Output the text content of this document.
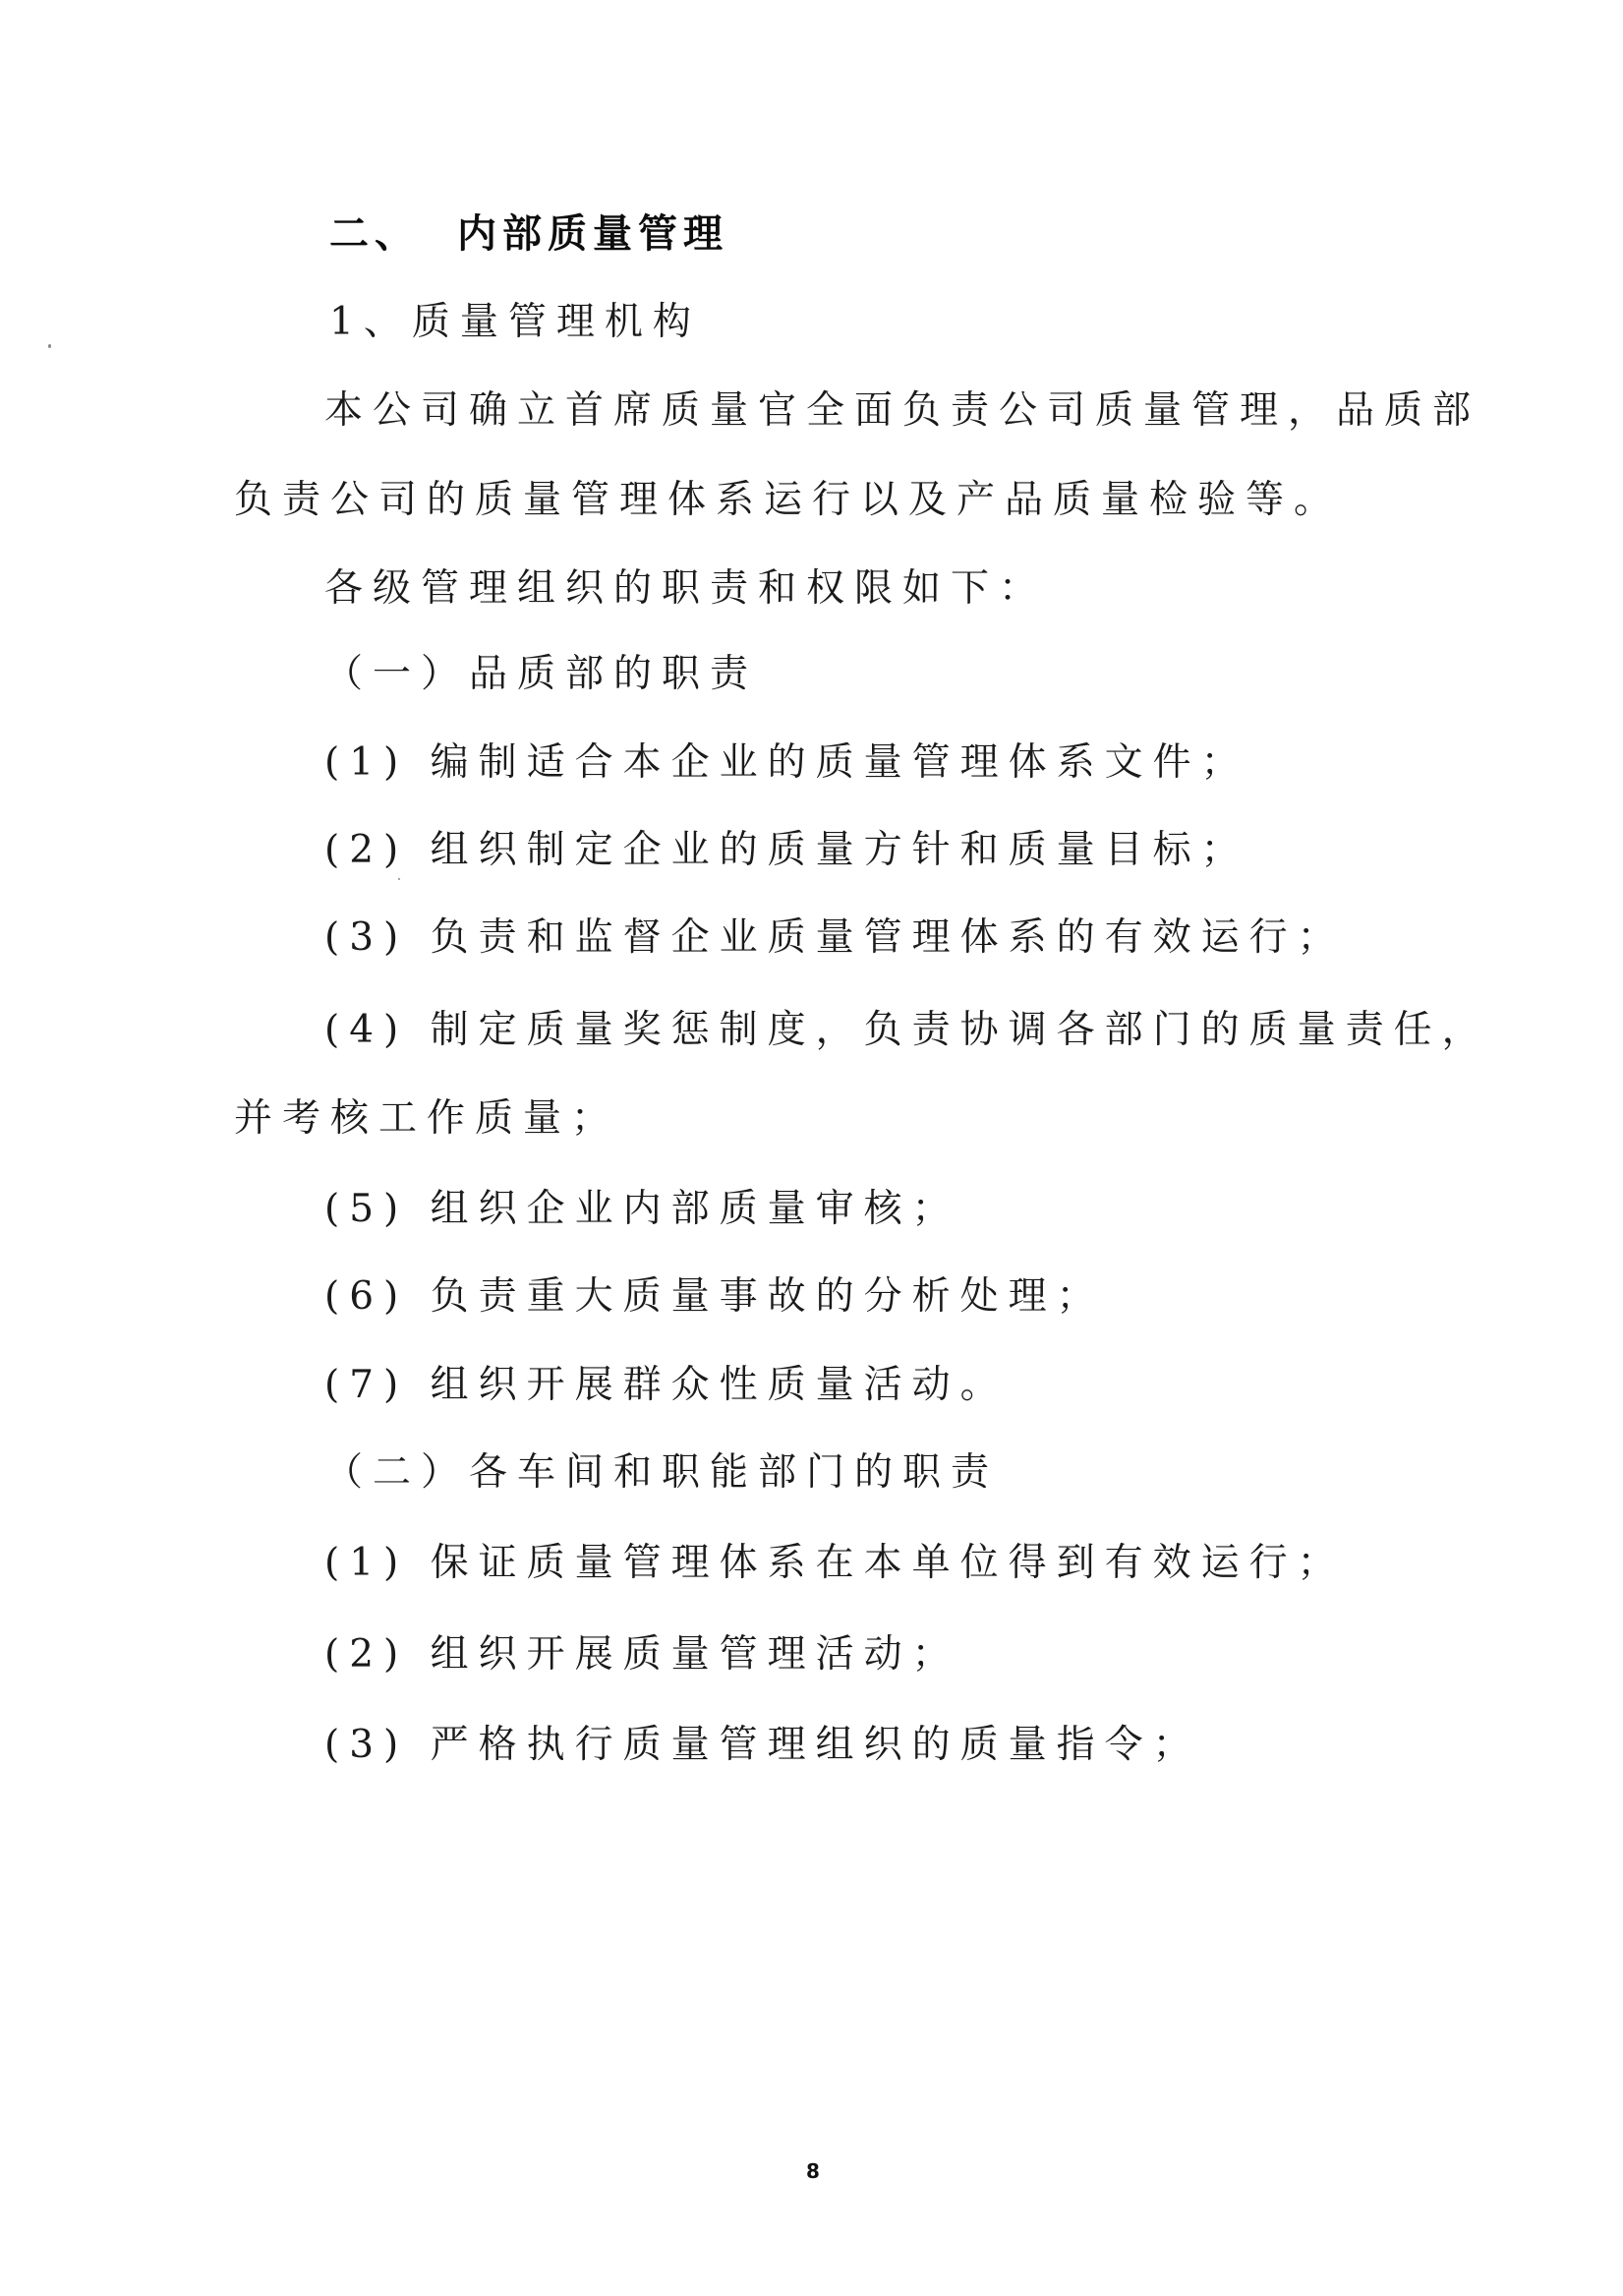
二、 内部质量管理
1、质量管理机构
本公司确立首席质量官全面负责公司质量管理，品质部
负责公司的质量管理体系运行以及产品质量检验等。
各级管理组织的职责和权限如下：
（一）品质部的职责
(1) 编制适合本企业的质量管理体系文件；
(2) 组织制定企业的质量方针和质量目标；
(3) 负责和监督企业质量管理体系的有效运行；
(4) 制定质量奖惩制度，负责协调各部门的质量责任，
并考核工作质量；
(5) 组织企业内部质量审核；
(6) 负责重大质量事故的分析处理；
(7) 组织开展群众性质量活动。
（二）各车间和职能部门的职责
(1) 保证质量管理体系在本单位得到有效运行；
(2) 组织开展质量管理活动；
(3) 严格执行质量管理组织的质量指令；
8
